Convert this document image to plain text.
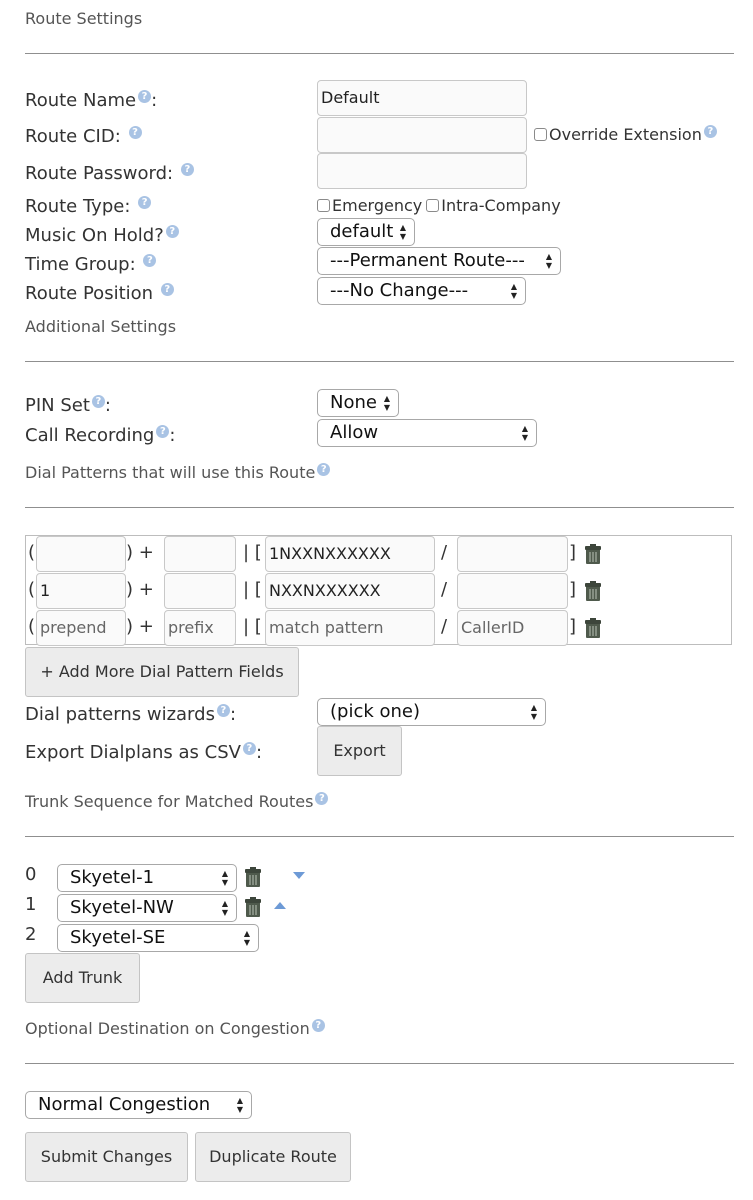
Route Settings
Route Name ? :	Default
Route CID: ?	Override Extension ?
Route Password: ?
Route Type: ?	Emergency Intra-Company
Music On Hold? ?	default ▲
▼
Time Group: ?	---Permanent Route---	▲
▼
Route Position ?	---No Change---	▲
▼
Additional Settings
PIN Set ? :	None ▲
▼
Call Recording ? :	Allow	▲
▼
Dial Patterns that will use this Route ?
(	) +	| [ 1NXXNXXXXXX	/	]
( 1	) +	| [ NXXNXXXXXX	/	]
( prepend	) + prefix	| [ match pattern	/ CallerID	]
+ Add More Dial Pattern Fields
Dial patterns wizards ? :	(pick one)	▲
▼
Export Dialplans as CSV ? :	Export
Trunk Sequence for Matched Routes ?
0	Skyetel-1	▲
▼
1	Skyetel-NW	▲
▼
2	Skyetel-SE	▲
▼
Add Trunk
Optional Destination on Congestion ?
Normal Congestion	▲
▼
Submit Changes	Duplicate Route
